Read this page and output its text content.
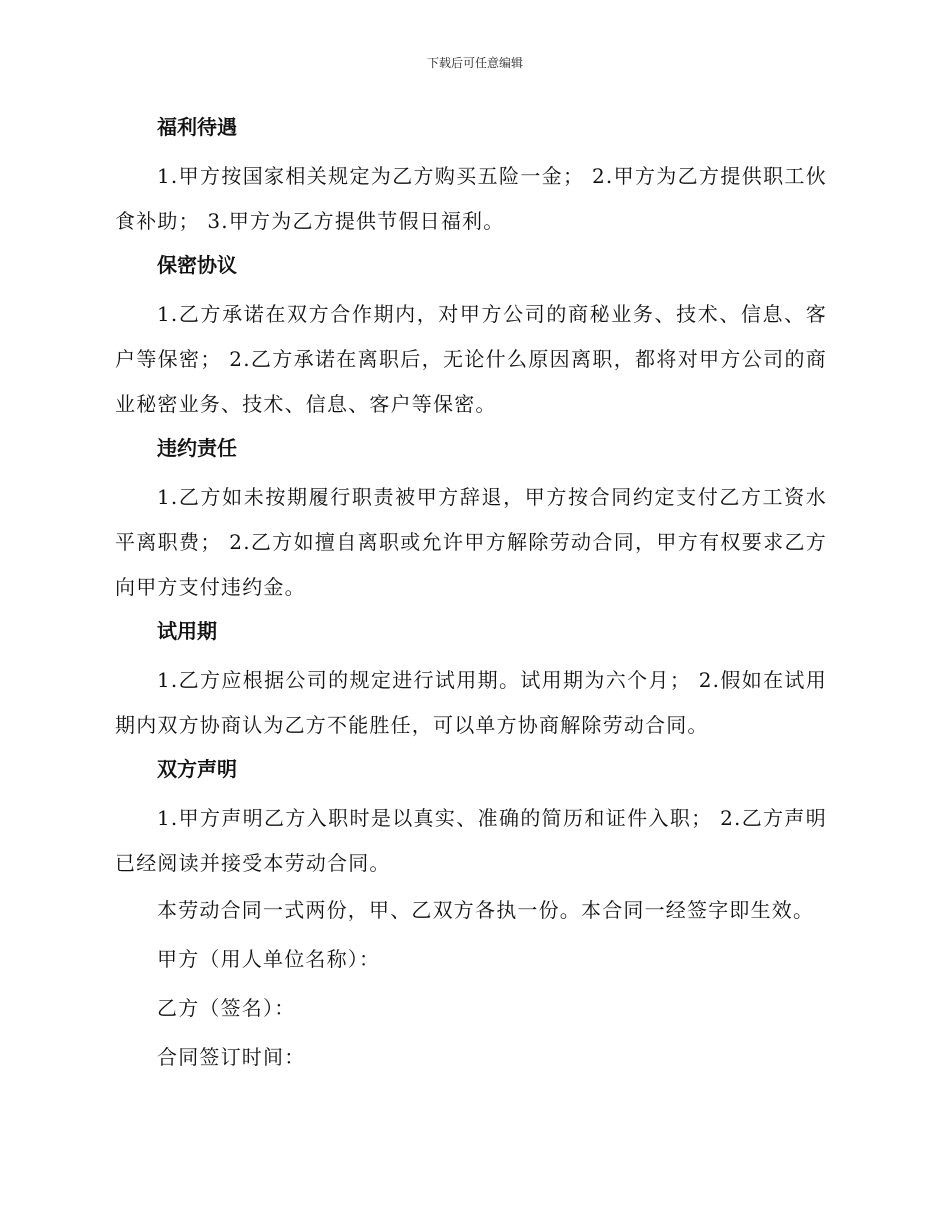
下载后可任意编辑
福利待遇

1.甲方按国家相关规定为乙方购买五险一金； 2.甲方为乙方提供职工伙食补助； 3.甲方为乙方提供节假日福利。

保密协议

1.乙方承诺在双方合作期内，对甲方公司的商秘业务、技术、信息、客户等保密； 2.乙方承诺在离职后，无论什么原因离职，都将对甲方公司的商业秘密业务、技术、信息、客户等保密。

违约责任

1.乙方如未按期履行职责被甲方辞退，甲方按合同约定支付乙方工资水平离职费； 2.乙方如擅自离职或允许甲方解除劳动合同，甲方有权要求乙方向甲方支付违约金。

试用期

1.乙方应根据公司的规定进行试用期。试用期为六个月； 2.假如在试用期内双方协商认为乙方不能胜任，可以单方协商解除劳动合同。

双方声明

1.甲方声明乙方入职时是以真实、准确的简历和证件入职； 2.乙方声明已经阅读并接受本劳动合同。

本劳动合同一式两份，甲、乙双方各执一份。本合同一经签字即生效。
甲方（用人单位名称）：
乙方（签名）：
合同签订时间：
